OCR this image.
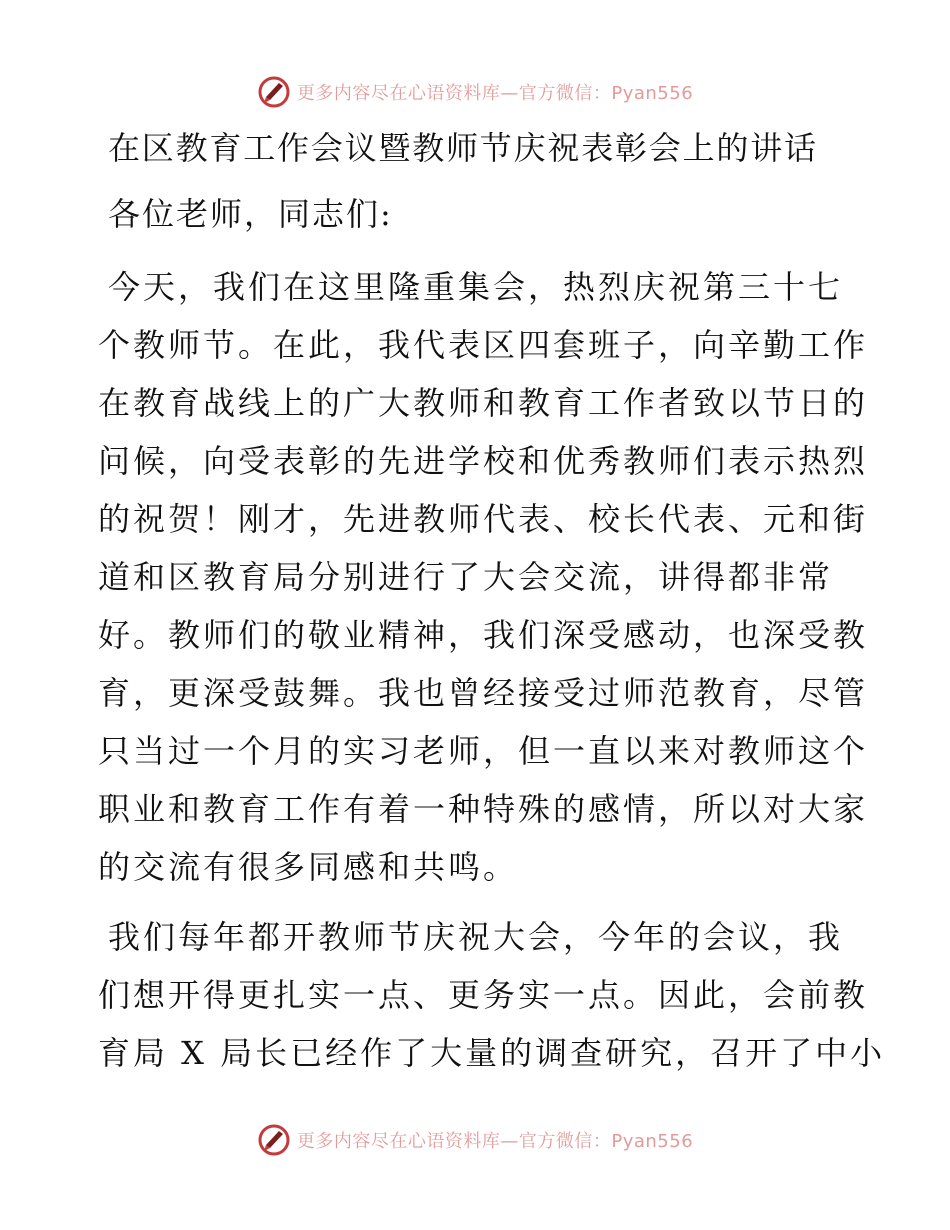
更多内容尽在心语资料库—官方微信：Pyan556
在区教育工作会议暨教师节庆祝表彰会上的讲话

各位老师，同志们:

今天，我们在这里隆重集会，热烈庆祝第三十七
个教师节。在此，我代表区四套班子，向辛勤工作
在教育战线上的广大教师和教育工作者致以节日的
问候，向受表彰的先进学校和优秀教师们表示热烈
的祝贺！刚才，先进教师代表、校长代表、元和街
道和区教育局分别进行了大会交流，讲得都非常
好。教师们的敬业精神，我们深受感动，也深受教
育，更深受鼓舞。我也曾经接受过师范教育，尽管
只当过一个月的实习老师，但一直以来对教师这个
职业和教育工作有着一种特殊的感情，所以对大家
的交流有很多同感和共鸣。

我们每年都开教师节庆祝大会，今年的会议，我
们想开得更扎实一点、更务实一点。因此，会前教
育局 X 局长已经作了大量的调查研究，召开了中小

更多内容尽在心语资料库—官方微信：Pyan556
